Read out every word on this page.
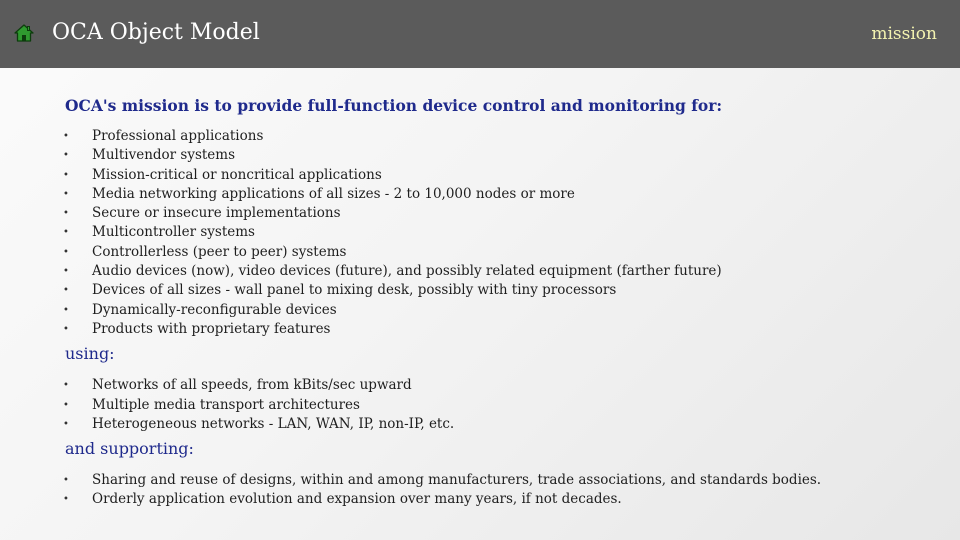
OCA Object Model	mission

OCA's mission is to provide full-function device control and monitoring for:

• Professional applications
• Multivendor systems
• Mission-critical or noncritical applications
• Media networking applications of all sizes - 2 to 10,000 nodes or more
• Secure or insecure implementations
• Multicontroller systems
• Controllerless (peer to peer) systems
• Audio devices (now), video devices (future), and possibly related equipment (farther future)
• Devices of all sizes - wall panel to mixing desk, possibly with tiny processors
• Dynamically-reconfigurable devices
• Products with proprietary features

using:

• Networks of all speeds, from kBits/sec upward
• Multiple media transport architectures
• Heterogeneous networks - LAN, WAN, IP, non-IP, etc.

and supporting:

• Sharing and reuse of designs, within and among manufacturers, trade associations, and standards bodies.
• Orderly application evolution and expansion over many years, if not decades.
